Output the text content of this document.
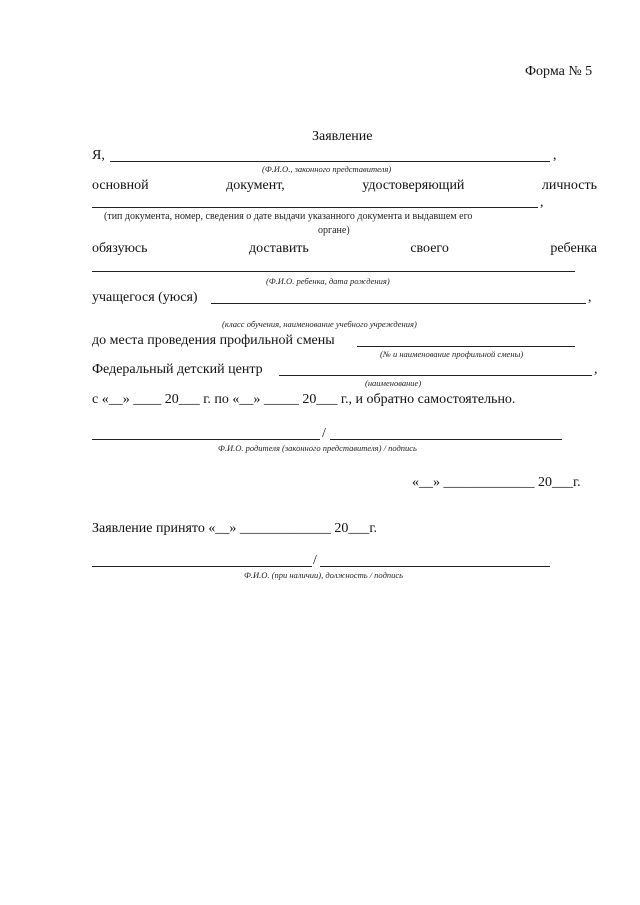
Форма № 5
Заявление
Я,	,
(Ф.И.О., законного представителя)
основной	документ,	удостоверяющий	личность
,
(тип документа, номер, сведения о дате выдачи указанного документа и выдавшем его
органе)
обязуюсь	доставить	своего	ребенка
(Ф.И.О. ребенка, дата рождения)
учащегося (уюся)	,
(класс обучения, наименование учебного учреждения)
до места проведения профильной смены
(№ и наименование профильной смены)
Федеральный детский центр	,
(наименование)
с «__» ____ 20___ г. по «__» _____ 20___ г., и обратно самостоятельно.
/
Ф.И.О. родителя (законного представителя) / подпись
«__» _____________ 20___г.
Заявление принято «__» _____________ 20___г.
/
Ф.И.О. (при наличии), должность / подпись
